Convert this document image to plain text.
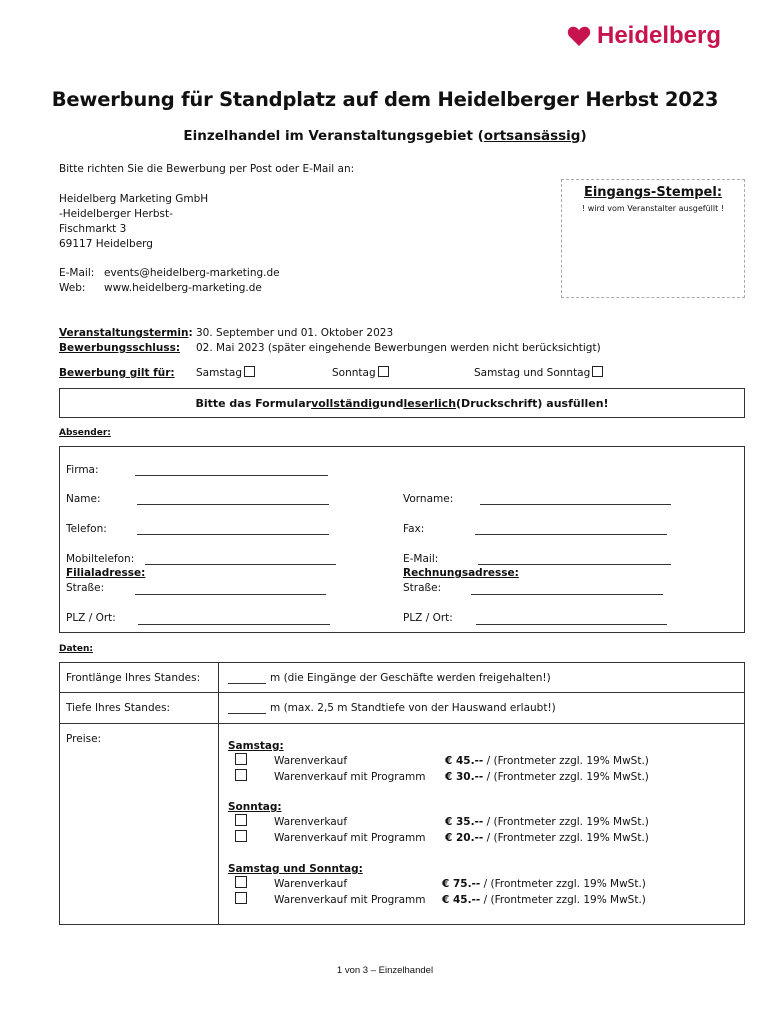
Heidelberg
Bewerbung für Standplatz auf dem Heidelberger Herbst 2023
Einzelhandel im Veranstaltungsgebiet (ortsansässig)
Bitte richten Sie die Bewerbung per Post oder E-Mail an:
Heidelberg Marketing GmbH
-Heidelberger Herbst-
Fischmarkt 3
69117 Heidelberg
E-Mail: events@heidelberg-marketing.de
Web: www.heidelberg-marketing.de
Eingangs-Stempel:
! wird vom Veranstalter ausgefüllt !
Veranstaltungstermin: 30. September und 01. Oktober 2023
Bewerbungsschluss: 02. Mai 2023 (später eingehende Bewerbungen werden nicht berücksichtigt)
Bewerbung gilt für: Samstag	Sonntag	Samstag und Sonntag
Bitte das Formular vollständig und leserlich (Druckschrift) ausfüllen!
Absender:
Firma:
Name:	Vorname:
Telefon:	Fax:
Mobiltelefon:	E-Mail:
Filialadresse:	Rechnungsadresse:
Straße:	Straße:
PLZ / Ort:	PLZ / Ort:
Daten:
Frontlänge Ihres Standes:	m (die Eingänge der Geschäfte werden freigehalten!)
Tiefe Ihres Standes:	m (max. 2,5 m Standtiefe von der Hauswand erlaubt!)
Preise:
Samstag:
Warenverkauf	€ 45.-- / (Frontmeter zzgl. 19% MwSt.)
Warenverkauf mit Programm € 30.-- / (Frontmeter zzgl. 19% MwSt.)
Sonntag:
Warenverkauf	€ 35.-- / (Frontmeter zzgl. 19% MwSt.)
Warenverkauf mit Programm € 20.-- / (Frontmeter zzgl. 19% MwSt.)
Samstag und Sonntag:
Warenverkauf	€ 75.-- / (Frontmeter zzgl. 19% MwSt.)
Warenverkauf mit Programm € 45.-- / (Frontmeter zzgl. 19% MwSt.)
1 von 3 – Einzelhandel
